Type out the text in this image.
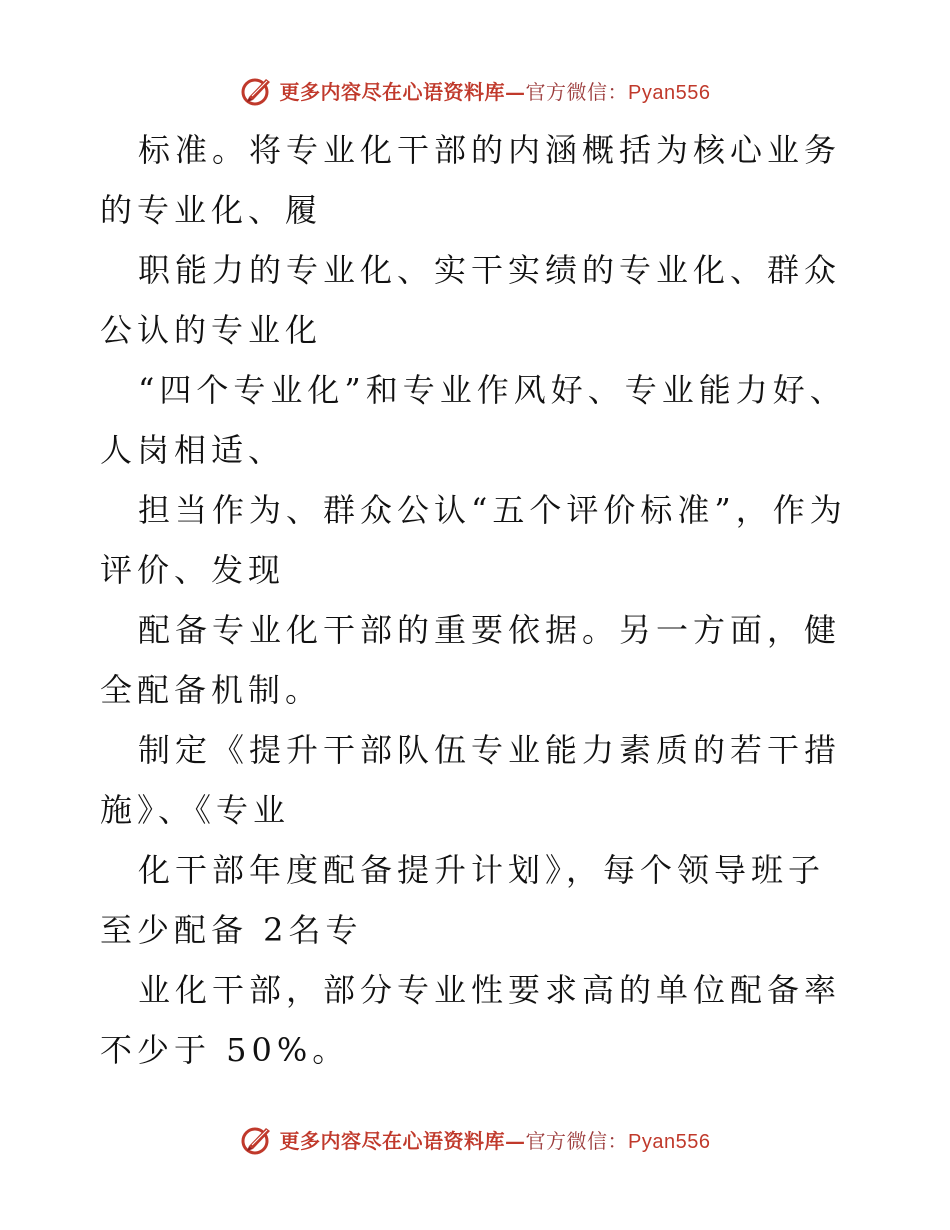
更多内容尽在心语资料库—官方微信：Pyan556

标准。将专业化干部的内涵概括为核心业务的专业化、履

职能力的专业化、实干实绩的专业化、群众公认的专业化

“四个专业化”和专业作风好、专业能力好、人岗相适、

担当作为、群众公认“五个评价标准”，作为评价、发现

配备专业化干部的重要依据。另一方面，健全配备机制。

制定《提升干部队伍专业能力素质的若干措施》、《专业

化干部年度配备提升计划》，每个领导班子至少配备 2名专

业化干部，部分专业性要求高的单位配备率不少于 50%。

更多内容尽在心语资料库—官方微信：Pyan556
